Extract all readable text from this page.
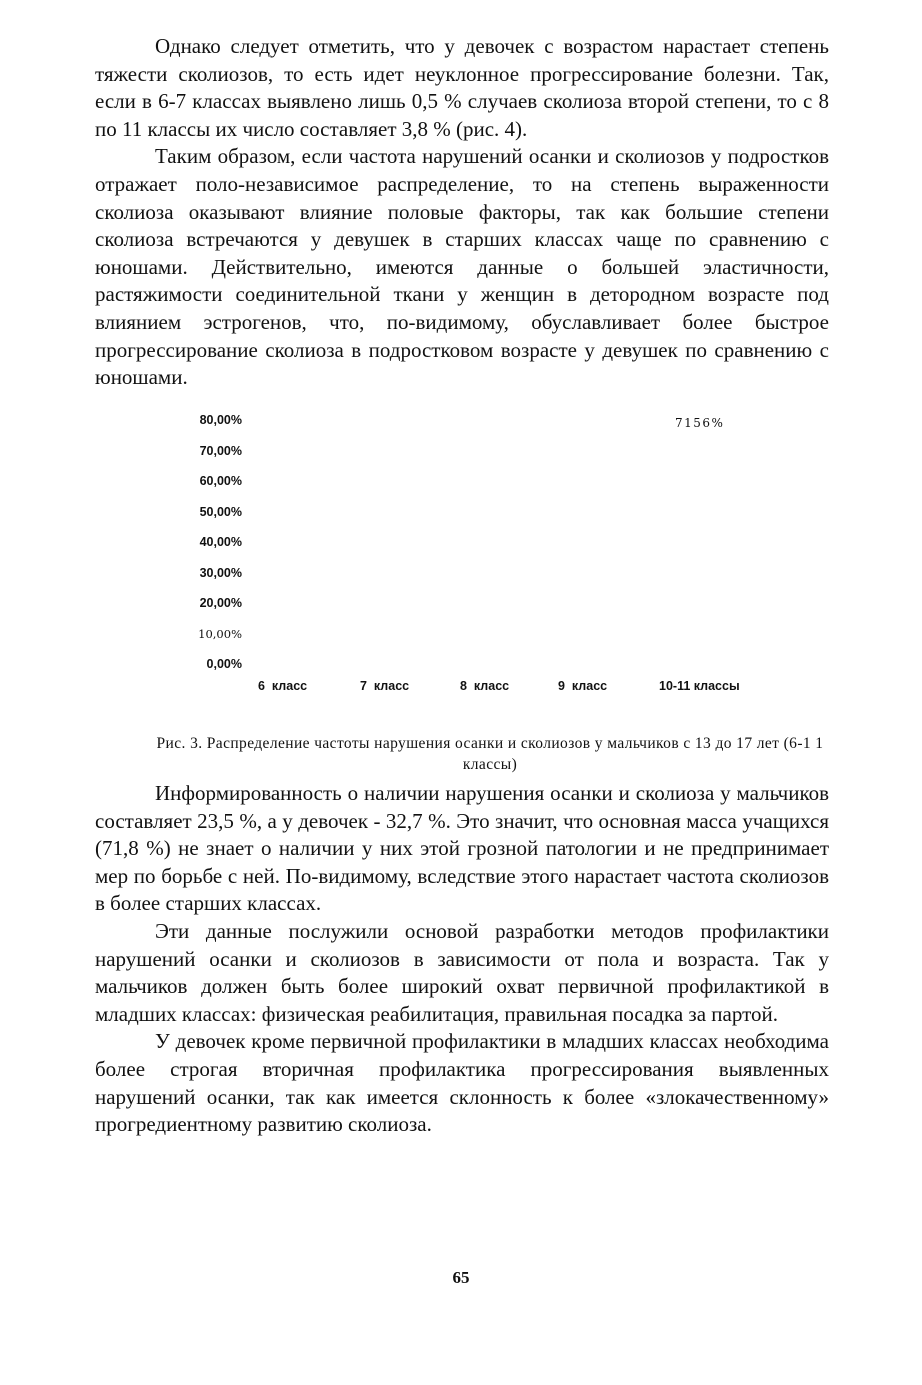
Однако следует отметить, что у девочек с возрастом нарастает степень тяжести сколиозов, то есть идет неуклонное прогрессирование болезни. Так, если в 6-7 классах выявлено лишь 0,5 % случаев сколиоза второй степени, то с 8 по 11 классы их число составляет 3,8 % (рис. 4).

Таким образом, если частота нарушений осанки и сколиозов у подростков отражает поло-независимое распределение, то на степень выраженности сколиоза оказывают влияние половые факторы, так как большие степени сколиоза встречаются у девушек в старших классах чаще по сравнению с юношами. Действительно, имеются данные о большей эластичности, растяжимости соединительной ткани у женщин в детородном возрасте под влиянием эстрогенов, что, по-видимому, обуславливает более быстрое прогрессирование сколиоза в подростковом возрасте у девушек по сравнению с юношами.

80,00%
70,00%
60,00%
50,00%
40,00%
30,00%
20,00%
10,00%
0,00%
6  класс	7  класс	8  класс	9  класс	10-11 классы
7156%
Рис. 3. Распределение частоты нарушения осанки и сколиозов у мальчиков с 13 до 17 лет (6-1 1 классы)

Информированность о наличии нарушения осанки и сколиоза у мальчиков составляет 23,5 %, а у девочек - 32,7 %. Это значит, что основная масса учащихся (71,8 %) не знает о наличии у них этой грозной патологии и не предпринимает мер по борьбе с ней. По-видимому, вследствие этого нарастает частота сколиозов в более старших классах.

Эти данные послужили основой разработки методов профилактики нарушений осанки и сколиозов в зависимости от пола и возраста. Так у мальчиков должен быть более широкий охват первичной профилактикой в младших классах: физическая реабилитация, правильная посадка за партой.

У девочек кроме первичной профилактики в младших классах необходима более строгая вторичная профилактика прогрессирования выявленных нарушений осанки, так как имеется склонность к более «злокачественному» прогредиентному развитию сколиоза.

65
